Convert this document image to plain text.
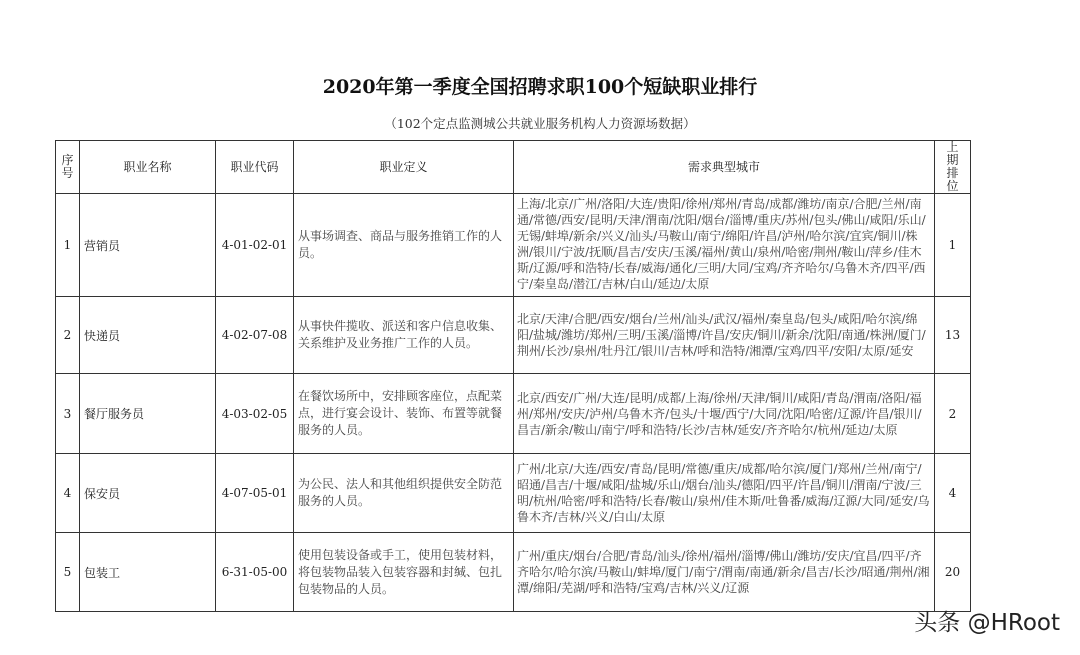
2020年第一季度全国招聘求职100个短缺职业排行
（102个定点监测城公共就业服务机构人力资源场数据）
序号	职业名称	职业代码	职业定义	需求典型城市	上期排位
1	营销员	4-01-02-01	从事场调查、商品与服务推销工作的人员。	上海/北京/广州/洛阳/大连/贵阳/徐州/郑州/青岛/成都/潍坊/南京/合肥/兰州/南通/常德/西安/昆明/天津/渭南/沈阳/烟台/淄博/重庆/苏州/包头/佛山/咸阳/乐山/无锡/蚌埠/新余/兴义/汕头/马鞍山/南宁/绵阳/许昌/泸州/哈尔滨/宜宾/铜川/株洲/银川/宁波/抚顺/昌吉/安庆/玉溪/福州/黄山/泉州/哈密/荆州/鞍山/萍乡/佳木斯/辽源/呼和浩特/长春/威海/通化/三明/大同/宝鸡/齐齐哈尔/乌鲁木齐/四平/西宁/秦皇岛/潜江/吉林/白山/延边/太原	1
2	快递员	4-02-07-08	从事快件揽收、派送和客户信息收集、关系维护及业务推广工作的人员。	北京/天津/合肥/西安/烟台/兰州/汕头/武汉/福州/秦皇岛/包头/咸阳/哈尔滨/绵阳/盐城/潍坊/郑州/三明/玉溪/淄博/许昌/安庆/铜川/新余/沈阳/南通/株洲/厦门/荆州/长沙/泉州/牡丹江/银川/吉林/呼和浩特/湘潭/宝鸡/四平/安阳/太原/延安	13
3	餐厅服务员	4-03-02-05	在餐饮场所中，安排顾客座位，点配菜点，进行宴会设计、装饰、布置等就餐服务的人员。	北京/西安/广州/大连/昆明/成都/上海/徐州/天津/铜川/咸阳/青岛/渭南/洛阳/福州/郑州/安庆/泸州/乌鲁木齐/包头/十堰/西宁/大同/沈阳/哈密/辽源/许昌/银川/昌吉/新余/鞍山/南宁/呼和浩特/长沙/吉林/延安/齐齐哈尔/杭州/延边/太原	2
4	保安员	4-07-05-01	为公民、法人和其他组织提供安全防范服务的人员。	广州/北京/大连/西安/青岛/昆明/常德/重庆/成都/哈尔滨/厦门/郑州/兰州/南宁/昭通/昌吉/十堰/咸阳/盐城/乐山/烟台/汕头/德阳/四平/许昌/铜川/渭南/宁波/三明/杭州/哈密/呼和浩特/长春/鞍山/泉州/佳木斯/吐鲁番/威海/辽源/大同/延安/乌鲁木齐/吉林/兴义/白山/太原	4
5	包装工	6-31-05-00	使用包装设备或手工，使用包装材料，将包装物品装入包装容器和封缄、包扎包装物品的人员。	广州/重庆/烟台/合肥/青岛/汕头/徐州/福州/淄博/佛山/潍坊/安庆/宜昌/四平/齐齐哈尔/哈尔滨/马鞍山/蚌埠/厦门/南宁/渭南/南通/新余/昌吉/长沙/昭通/荆州/湘潭/绵阳/芜湖/呼和浩特/宝鸡/吉林/兴义/辽源	20
头条 @HRoot
